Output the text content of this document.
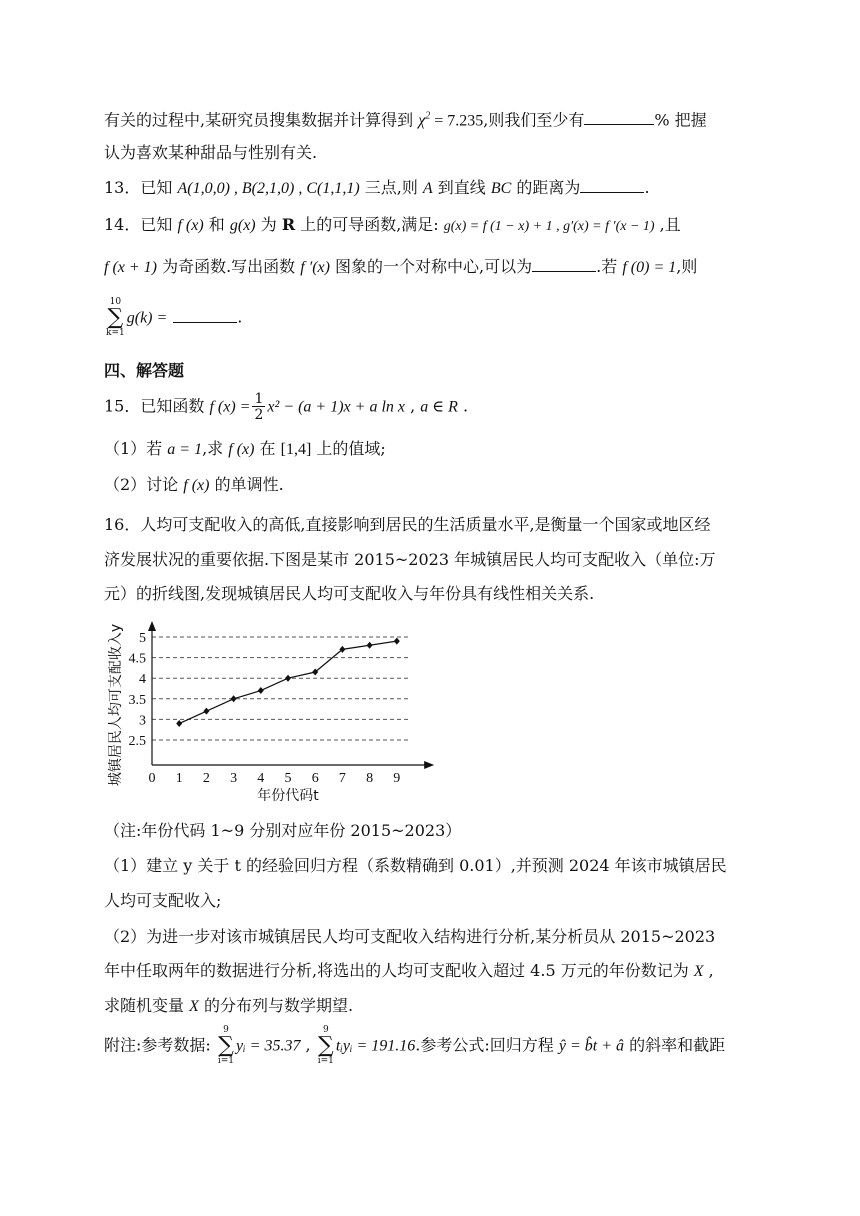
有关的过程中,某研究员搜集数据并计算得到 $\chi^2 = 7.235$,则我们至少有	% 把握
认为喜欢某种甜品与性别有关.
13．已知 A(1,0,0) , B(2,1,0) , C(1,1,1) 三点,则 A 到直线 BC 的距离为	.
14．已知 f (x) 和 g(x) 为 R 上的可导函数,满足: g(x) = f (1 − x) + 1 , g′(x) = f ′(x − 1) ,且
f (x + 1) 为奇函数.写出函数 f ′(x) 图象的一个对称中心,可以为	.若 f (0) = 1,则
10
∑
k=1
g(k) =	.
四、解答题
15．已知函数 f $(x) = \frac{1}{2} x^2 - (a + 1)x + a$ ln x , a ∈ R .
（1）若 a = 1,求 f (x) 在 [1,4] 上的值域;
（2）讨论 f (x) 的单调性.
16．人均可支配收入的高低,直接影响到居民的生活质量水平,是衡量一个国家或地区经
济发展状况的重要依据.下图是某市 2015~2023 年城镇居民人均可支配收入（单位:万
元）的折线图,发现城镇居民人均可支配收入与年份具有线性相关关系.
2.5
3
3.5
4
4.5
5
0 1 2 3 4 5 6 7 8 9
城镇居民人均可支配收入y
年份代码t
（注:年份代码 1~9 分别对应年份 2015~2023）
（1）建立 y 关于 t 的经验回归方程（系数精确到 0.01）,并预测 2024 年该市城镇居民
人均可支配收入;
（2）为进一步对该市城镇居民人均可支配收入结构进行分析,某分析员从 2015~2023
年中任取两年的数据进行分析,将选出的人均可支配收入超过 4.5 万元的年份数记为 X ,
求随机变量 X 的分布列与数学期望.
附注:参考数据:
9
∑
i=1
yᵢ = 35.37 ,
9
∑
i=1
tᵢyᵢ = 191.16.参考公式:回归方程 ŷ = b̂t + â 的斜率和截距
